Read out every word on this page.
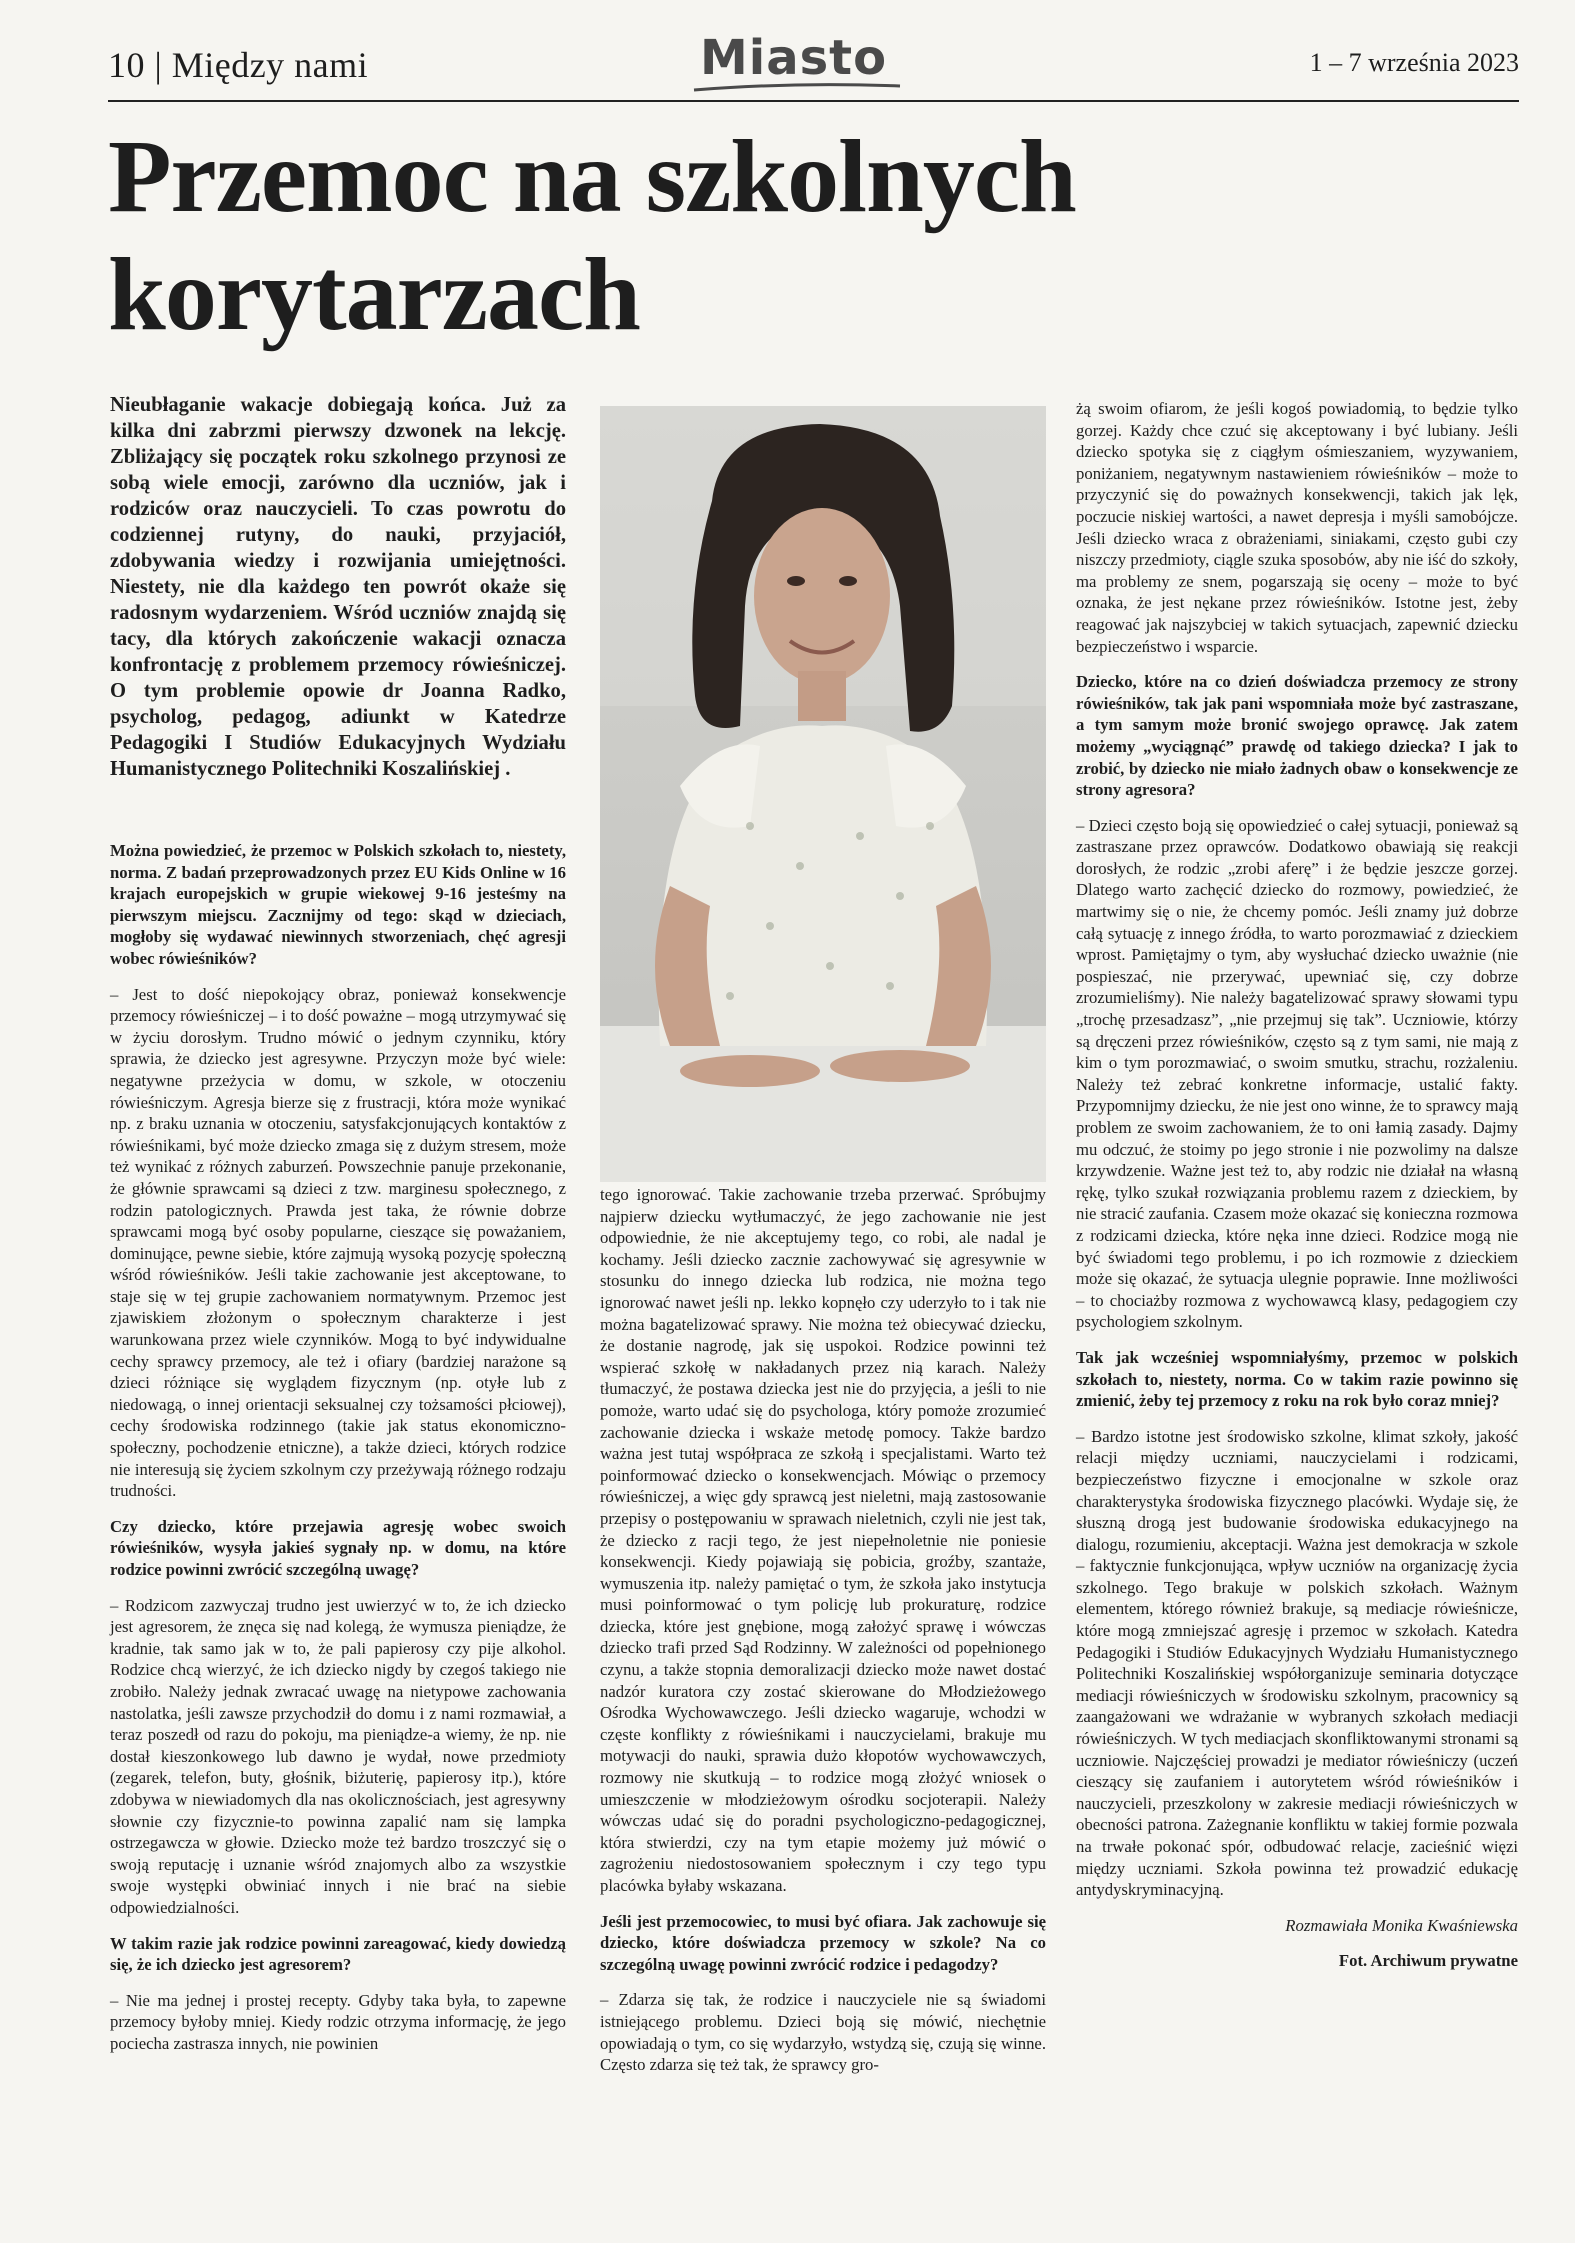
10 | Między nami	Miasto	1 – 7 września 2023
Przemoc na szkolnych korytarzach

Nieubłaganie wakacje dobiegają końca. Już za kilka dni zabrzmi pierwszy dzwonek na lekcję. Zbliżający się początek roku szkolnego przynosi ze sobą wiele emocji, zarówno dla uczniów, jak i rodziców oraz nauczycieli. To czas powrotu do codziennej rutyny, do nauki, przyjaciół, zdobywania wiedzy i rozwijania umiejętności. Niestety, nie dla każdego ten powrót okaże się radosnym wydarzeniem. Wśród uczniów znajdą się tacy, dla których zakończenie wakacji oznacza konfrontację z problemem przemocy rówieśniczej. O tym problemie opowie dr Joanna Radko, psycholog, pedagog, adiunkt w Katedrze Pedagogiki I Studiów Edukacyjnych Wydziału Humanistycznego Politechniki Koszalińskiej .

Można powiedzieć, że przemoc w Polskich szkołach to, niestety, norma. Z badań przeprowadzonych przez EU Kids Online w 16 krajach europejskich w grupie wiekowej 9-16 jesteśmy na pierwszym miejscu. Zacznijmy od tego: skąd w dzieciach, mogłoby się wydawać niewinnych stworzeniach, chęć agresji wobec rówieśników?

– Jest to dość niepokojący obraz, ponieważ konsekwencje przemocy rówieśniczej – i to dość poważne – mogą utrzymywać się w życiu dorosłym. Trudno mówić o jednym czynniku, który sprawia, że dziecko jest agresywne. Przyczyn może być wiele: negatywne przeżycia w domu, w szkole, w otoczeniu rówieśniczym. Agresja bierze się z frustracji, która może wynikać np. z braku uznania w otoczeniu, satysfakcjonujących kontaktów z rówieśnikami, być może dziecko zmaga się z dużym stresem, może też wynikać z różnych zaburzeń. Powszechnie panuje przekonanie, że głównie sprawcami są dzieci z tzw. marginesu społecznego, z rodzin patologicznych. Prawda jest taka, że równie dobrze sprawcami mogą być osoby popularne, cieszące się poważaniem, dominujące, pewne siebie, które zajmują wysoką pozycję społeczną wśród rówieśników. Jeśli takie zachowanie jest akceptowane, to staje się w tej grupie zachowaniem normatywnym. Przemoc jest zjawiskiem złożonym o społecznym charakterze i jest warunkowana przez wiele czynników. Mogą to być indywidualne cechy sprawcy przemocy, ale też i ofiary (bardziej narażone są dzieci różniące się wyglądem fizycznym (np. otyłe lub z niedowagą, o innej orientacji seksualnej czy tożsamości płciowej), cechy środowiska rodzinnego (takie jak status ekonomiczno-społeczny, pochodzenie etniczne), a także dzieci, których rodzice nie interesują się życiem szkolnym czy przeżywają różnego rodzaju trudności.

Czy dziecko, które przejawia agresję wobec swoich rówieśników, wysyła jakieś sygnały np. w domu, na które rodzice powinni zwrócić szczególną uwagę?

– Rodzicom zazwyczaj trudno jest uwierzyć w to, że ich dziecko jest agresorem, że znęca się nad kolegą, że wymusza pieniądze, że kradnie, tak samo jak w to, że pali papierosy czy pije alkohol. Rodzice chcą wierzyć, że ich dziecko nigdy by czegoś takiego nie zrobiło. Należy jednak zwracać uwagę na nietypowe zachowania nastolatka, jeśli zawsze przychodził do domu i z nami rozmawiał, a teraz poszedł od razu do pokoju, ma pieniądze-a wiemy, że np. nie dostał kieszonkowego lub dawno je wydał, nowe przedmioty (zegarek, telefon, buty, głośnik, biżuterię, papierosy itp.), które zdobywa w niewiadomych dla nas okolicznościach, jest agresywny słownie czy fizycznie-to powinna zapalić nam się lampka ostrzegawcza w głowie. Dziecko może też bardzo troszczyć się o swoją reputację i uznanie wśród znajomych albo za wszystkie swoje występki obwiniać innych i nie brać na siebie odpowiedzialności.

W takim razie jak rodzice powinni zareagować, kiedy dowiedzą się, że ich dziecko jest agresorem?

– Nie ma jednej i prostej recepty. Gdyby taka była, to zapewne przemocy byłoby mniej. Kiedy rodzic otrzyma informację, że jego pociecha zastrasza innych, nie powinien

tego ignorować. Takie zachowanie trzeba przerwać. Spróbujmy najpierw dziecku wytłumaczyć, że jego zachowanie nie jest odpowiednie, że nie akceptujemy tego, co robi, ale nadal je kochamy. Jeśli dziecko zacznie zachowywać się agresywnie w stosunku do innego dziecka lub rodzica, nie można tego ignorować nawet jeśli np. lekko kopnęło czy uderzyło to i tak nie można bagatelizować sprawy. Nie można też obiecywać dziecku, że dostanie nagrodę, jak się uspokoi. Rodzice powinni też wspierać szkołę w nakładanych przez nią karach. Należy tłumaczyć, że postawa dziecka jest nie do przyjęcia, a jeśli to nie pomoże, warto udać się do psychologa, który pomoże zrozumieć zachowanie dziecka i wskaże metodę pomocy. Także bardzo ważna jest tutaj współpraca ze szkołą i specjalistami. Warto też poinformować dziecko o konsekwencjach. Mówiąc o przemocy rówieśniczej, a więc gdy sprawcą jest nieletni, mają zastosowanie przepisy o postępowaniu w sprawach nieletnich, czyli nie jest tak, że dziecko z racji tego, że jest niepełnoletnie nie poniesie konsekwencji. Kiedy pojawiają się pobicia, groźby, szantaże, wymuszenia itp. należy pamiętać o tym, że szkoła jako instytucja musi poinformować o tym policję lub prokuraturę, rodzice dziecka, które jest gnębione, mogą założyć sprawę i wówczas dziecko trafi przed Sąd Rodzinny. W zależności od popełnionego czynu, a także stopnia demoralizacji dziecko może nawet dostać nadzór kuratora czy zostać skierowane do Młodzieżowego Ośrodka Wychowawczego. Jeśli dziecko wagaruje, wchodzi w częste konflikty z rówieśnikami i nauczycielami, brakuje mu motywacji do nauki, sprawia dużo kłopotów wychowawczych, rozmowy nie skutkują – to rodzice mogą złożyć wniosek o umieszczenie w młodzieżowym ośrodku socjoterapii. Należy wówczas udać się do poradni psychologiczno-pedagogicznej, która stwierdzi, czy na tym etapie możemy już mówić o zagrożeniu niedostosowaniem społecznym i czy tego typu placówka byłaby wskazana.

Jeśli jest przemocowiec, to musi być ofiara. Jak zachowuje się dziecko, które doświadcza przemocy w szkole? Na co szczególną uwagę powinni zwrócić rodzice i pedagodzy?

– Zdarza się tak, że rodzice i nauczyciele nie są świadomi istniejącego problemu. Dzieci boją się mówić, niechętnie opowiadają o tym, co się wydarzyło, wstydzą się, czują się winne. Często zdarza się też tak, że sprawcy gro-

żą swoim ofiarom, że jeśli kogoś powiadomią, to będzie tylko gorzej. Każdy chce czuć się akceptowany i być lubiany. Jeśli dziecko spotyka się z ciągłym ośmieszaniem, wyzywaniem, poniżaniem, negatywnym nastawieniem rówieśników – może to przyczynić się do poważnych konsekwencji, takich jak lęk, poczucie niskiej wartości, a nawet depresja i myśli samobójcze. Jeśli dziecko wraca z obrażeniami, siniakami, często gubi czy niszczy przedmioty, ciągle szuka sposobów, aby nie iść do szkoły, ma problemy ze snem, pogarszają się oceny – może to być oznaka, że jest nękane przez rówieśników. Istotne jest, żeby reagować jak najszybciej w takich sytuacjach, zapewnić dziecku bezpieczeństwo i wsparcie.

Dziecko, które na co dzień doświadcza przemocy ze strony rówieśników, tak jak pani wspomniała może być zastraszane, a tym samym może bronić swojego oprawcę. Jak zatem możemy „wyciągnąć” prawdę od takiego dziecka? I jak to zrobić, by dziecko nie miało żadnych obaw o konsekwencje ze strony agresora?

– Dzieci często boją się opowiedzieć o całej sytuacji, ponieważ są zastraszane przez oprawców. Dodatkowo obawiają się reakcji dorosłych, że rodzic „zrobi aferę” i że będzie jeszcze gorzej. Dlatego warto zachęcić dziecko do rozmowy, powiedzieć, że martwimy się o nie, że chcemy pomóc. Jeśli znamy już dobrze całą sytuację z innego źródła, to warto porozmawiać z dzieckiem wprost. Pamiętajmy o tym, aby wysłuchać dziecko uważnie (nie pospieszać, nie przerywać, upewniać się, czy dobrze zrozumieliśmy). Nie należy bagatelizować sprawy słowami typu „trochę przesadzasz”, „nie przejmuj się tak”. Uczniowie, którzy są dręczeni przez rówieśników, często są z tym sami, nie mają z kim o tym porozmawiać, o swoim smutku, strachu, rozżaleniu. Należy też zebrać konkretne informacje, ustalić fakty. Przypomnijmy dziecku, że nie jest ono winne, że to sprawcy mają problem ze swoim zachowaniem, że to oni łamią zasady. Dajmy mu odczuć, że stoimy po jego stronie i nie pozwolimy na dalsze krzywdzenie. Ważne jest też to, aby rodzic nie działał na własną rękę, tylko szukał rozwiązania problemu razem z dzieckiem, by nie stracić zaufania. Czasem może okazać się konieczna rozmowa z rodzicami dziecka, które nęka inne dzieci. Rodzice mogą nie być świadomi tego problemu, i po ich rozmowie z dzieckiem może się okazać, że sytuacja ulegnie poprawie. Inne możliwości – to chociażby rozmowa z wychowawcą klasy, pedagogiem czy psychologiem szkolnym.

Tak jak wcześniej wspomniałyśmy, przemoc w polskich szkołach to, niestety, norma. Co w takim razie powinno się zmienić, żeby tej przemocy z roku na rok było coraz mniej?

– Bardzo istotne jest środowisko szkolne, klimat szkoły, jakość relacji między uczniami, nauczycielami i rodzicami, bezpieczeństwo fizyczne i emocjonalne w szkole oraz charakterystyka środowiska fizycznego placówki. Wydaje się, że słuszną drogą jest budowanie środowiska edukacyjnego na dialogu, rozumieniu, akceptacji. Ważna jest demokracja w szkole – faktycznie funkcjonująca, wpływ uczniów na organizację życia szkolnego. Tego brakuje w polskich szkołach. Ważnym elementem, którego również brakuje, są mediacje rówieśnicze, które mogą zmniejszać agresję i przemoc w szkołach. Katedra Pedagogiki i Studiów Edukacyjnych Wydziału Humanistycznego Politechniki Koszalińskiej współorganizuje seminaria dotyczące mediacji rówieśniczych w środowisku szkolnym, pracownicy są zaangażowani we wdrażanie w wybranych szkołach mediacji rówieśniczych. W tych mediacjach skonfliktowanymi stronami są uczniowie. Najczęściej prowadzi je mediator rówieśniczy (uczeń cieszący się zaufaniem i autorytetem wśród rówieśników i nauczycieli, przeszkolony w zakresie mediacji rówieśniczych w obecności patrona. Zażegnanie konfliktu w takiej formie pozwala na trwałe pokonać spór, odbudować relacje, zacieśnić więzi między uczniami. Szkoła powinna też prowadzić edukację antydyskryminacyjną.

Rozmawiała Monika Kwaśniewska

Fot. Archiwum prywatne
